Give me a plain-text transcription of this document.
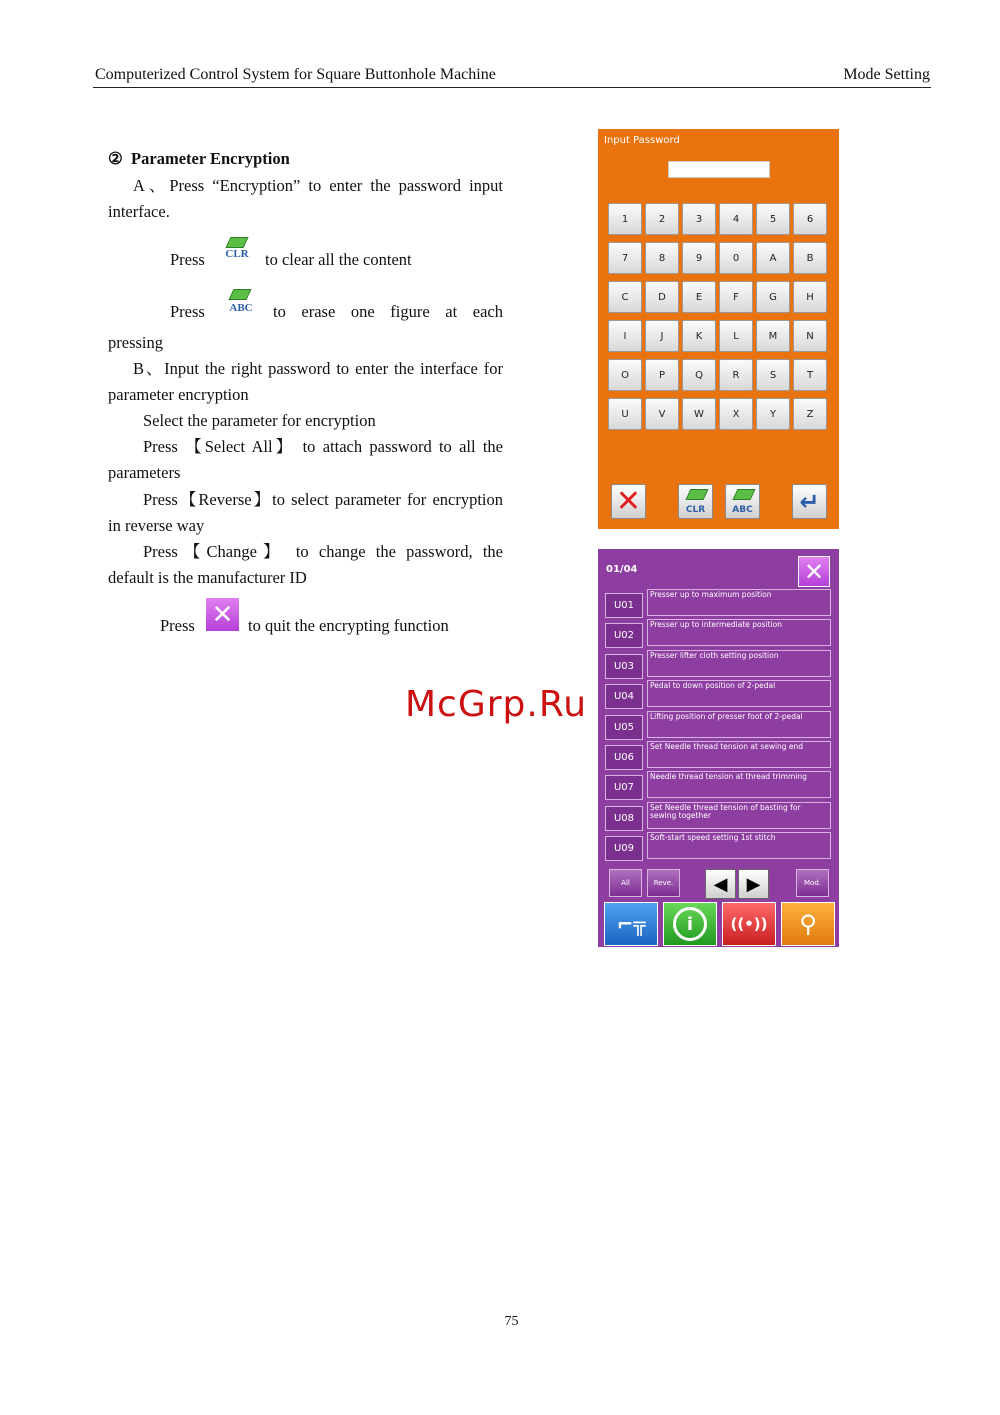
Computerized Control System for Square Buttonhole Machine	Mode Setting
② Parameter Encryption
A、Press “Encryption” to enter the password input
interface.
Press	CLR to clear all the content
Press	ABC	to erase one figure at each
pressing
B、Input the right password to enter the interface for
parameter encryption
Select the parameter for encryption
Press 【Select All】 to attach password to all the
parameters
Press【Reverse】to select parameter for encryption
in reverse way
Press【Change】 to change the password, the
default is the manufacturer ID
Press ✕ to quit the encrypting function
Input Password
1	2	3	4	5	6
7	8	9	0	A	B
C	D	E	F	G	H
I	J	K	L	M	N
O	P	Q	R	S	T
U	V	W	X	Y	Z
✕	CLR	ABC ↵
01/04	✕
U01
Presser up to maximum position
U02
Presser up to intermediate position
U03
Presser lifter cloth setting position
U04
Pedal to down position of 2-pedal
U05
Lifting position of presser foot of 2-pedal
U06
Set Needle thread tension at sewing end
U07
Needle thread tension at thread trimming
U08
Set Needle thread tension of basting for sewing together
U09
Soft-start speed setting 1st stitch
All	Reve.	◀ ▶	Mod.
⌐╦	i	((•)) ⚲
McGrp.Ru
75
